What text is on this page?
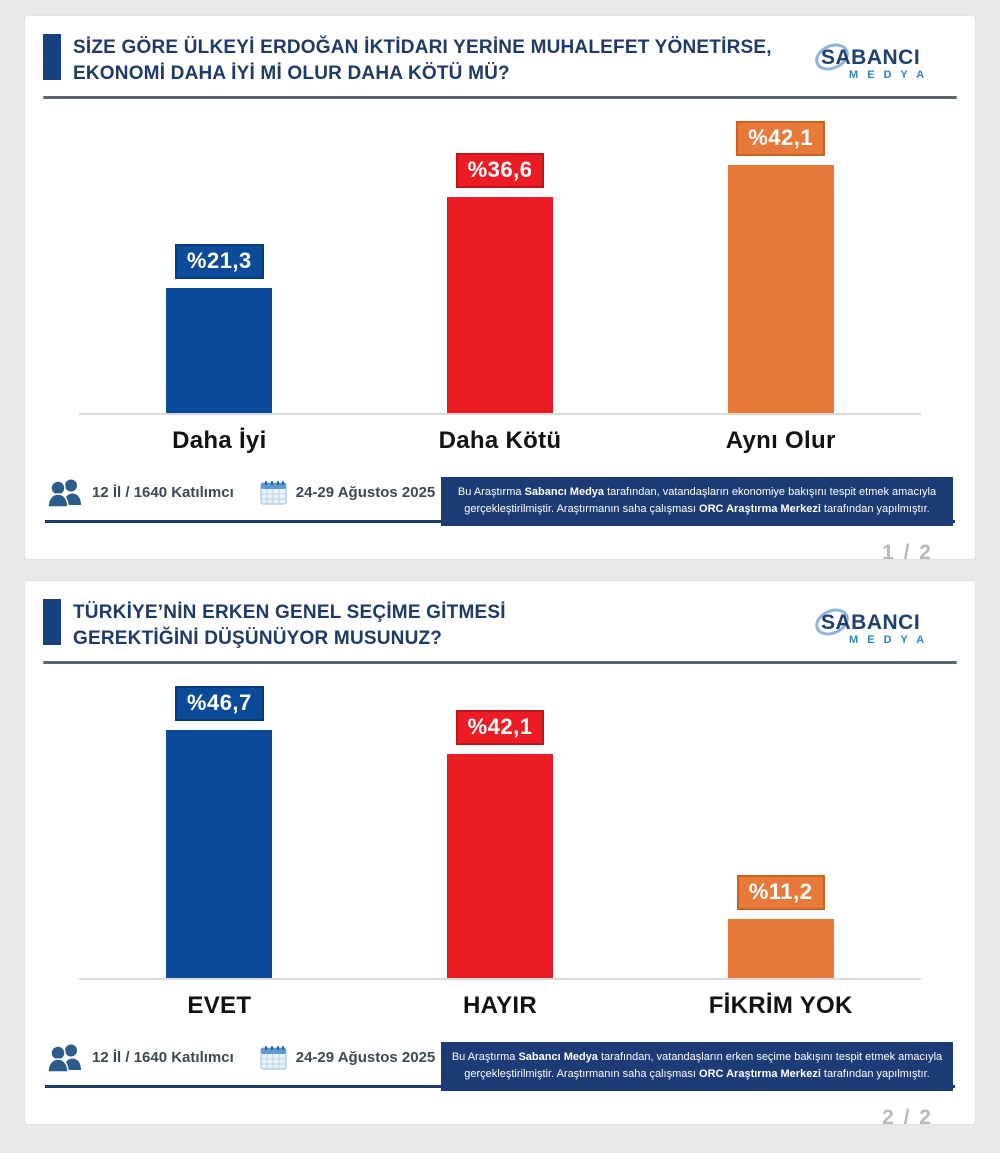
SİZE GÖRE ÜLKEYİ ERDOĞAN İKTİDARI YERİNE MUHALEFET YÖNETİRSE,
EKONOMİ DAHA İYİ Mİ OLUR DAHA KÖTÜ MÜ?
SABANCI
M E D Y A
%21,3
%36,6
%42,1
Daha İyi	Daha Kötü	Aynı Olur
12 İl / 1640 Katılımcı	24-29 Ağustos 2025	Bu Araştırma Sabancı Medya tarafından, vatandaşların ekonomiye bakışını tespit etmek amacıyla gerçekleştirilmiştir. Araştırmanın saha çalışması ORC Araştırma Merkezi tarafından yapılmıştır.
1 / 2
TÜRKİYE’NİN ERKEN GENEL SEÇİME GİTMESİ
GEREKTİĞİNİ DÜŞÜNÜYOR MUSUNUZ?
SABANCI
M E D Y A
%46,7
%42,1
%11,2
EVET	HAYIR	FİKRİM YOK
12 İl / 1640 Katılımcı	24-29 Ağustos 2025	Bu Araştırma Sabancı Medya tarafından, vatandaşların erken seçime bakışını tespit etmek amacıyla gerçekleştirilmiştir. Araştırmanın saha çalışması ORC Araştırma Merkezi tarafından yapılmıştır.
2 / 2
